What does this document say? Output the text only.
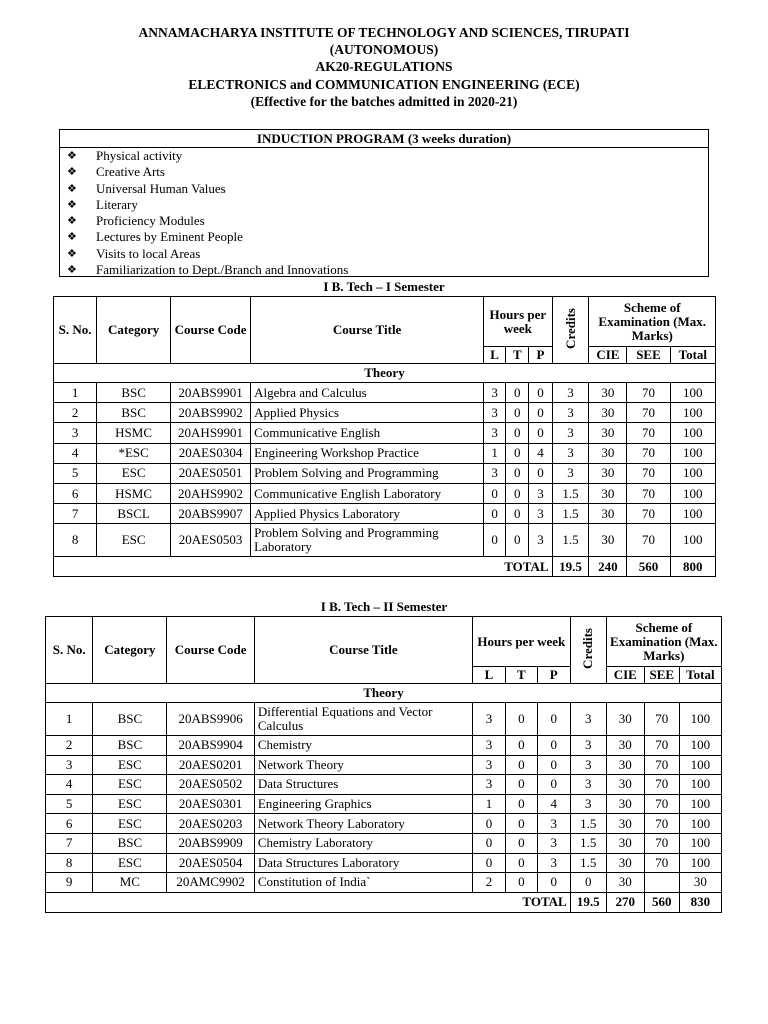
ANNAMACHARYA INSTITUTE OF TECHNOLOGY AND SCIENCES, TIRUPATI
(AUTONOMOUS)
AK20-REGULATIONS
ELECTRONICS and COMMUNICATION ENGINEERING (ECE)
(Effective for the batches admitted in 2020-21)
INDUCTION PROGRAM (3 weeks duration)
❖ Physical activity
❖ Creative Arts
❖ Universal Human Values
❖ Literary
❖ Proficiency Modules
❖ Lectures by Eminent People
❖ Visits to local Areas
❖ Familiarization to Dept./Branch and Innovations
I B. Tech – I Semester
S. No.	Category	Course Code	Course Title	Hours per week			Credits	Scheme of Examination (Max. Marks)		
				L	T	P		CIE	SEE	Total
Theory										
1	BSC	20ABS9901	Algebra and Calculus	3	0	0	3	30	70	100
2	BSC	20ABS9902	Applied Physics	3	0	0	3	30	70	100
3	HSMC	20AHS9901	Communicative English	3	0	0	3	30	70	100
4	*ESC	20AES0304	Engineering Workshop Practice	1	0	4	3	30	70	100
5	ESC	20AES0501	Problem Solving and Programming	3	0	0	3	30	70	100
6	HSMC	20AHS9902	Communicative English Laboratory	0	0	3	1.5	30	70	100
7	BSCL	20ABS9907	Applied Physics Laboratory	0	0	3	1.5	30	70	100
8	ESC	20AES0503	Problem Solving and Programming Laboratory	0	0	3	1.5	30	70	100
TOTAL							19.5	240	560	800
I B. Tech – II Semester
S. No.	Category	Course Code	Course Title	Hours per week			Credits	Scheme of Examination (Max. Marks)		
				L	T	P		CIE	SEE	Total
Theory										
1	BSC	20ABS9906	Differential Equations and Vector Calculus	3	0	0	3	30	70	100
2	BSC	20ABS9904	Chemistry	3	0	0	3	30	70	100
3	ESC	20AES0201	Network Theory	3	0	0	3	30	70	100
4	ESC	20AES0502	Data Structures	3	0	0	3	30	70	100
5	ESC	20AES0301	Engineering Graphics	1	0	4	3	30	70	100
6	ESC	20AES0203	Network Theory Laboratory	0	0	3	1.5	30	70	100
7	BSC	20ABS9909	Chemistry Laboratory	0	0	3	1.5	30	70	100
8	ESC	20AES0504	Data Structures Laboratory	0	0	3	1.5	30	70	100
9	MC	20AMC9902	Constitution of India`	2	0	0	0	30		30
TOTAL							19.5	270	560	830
